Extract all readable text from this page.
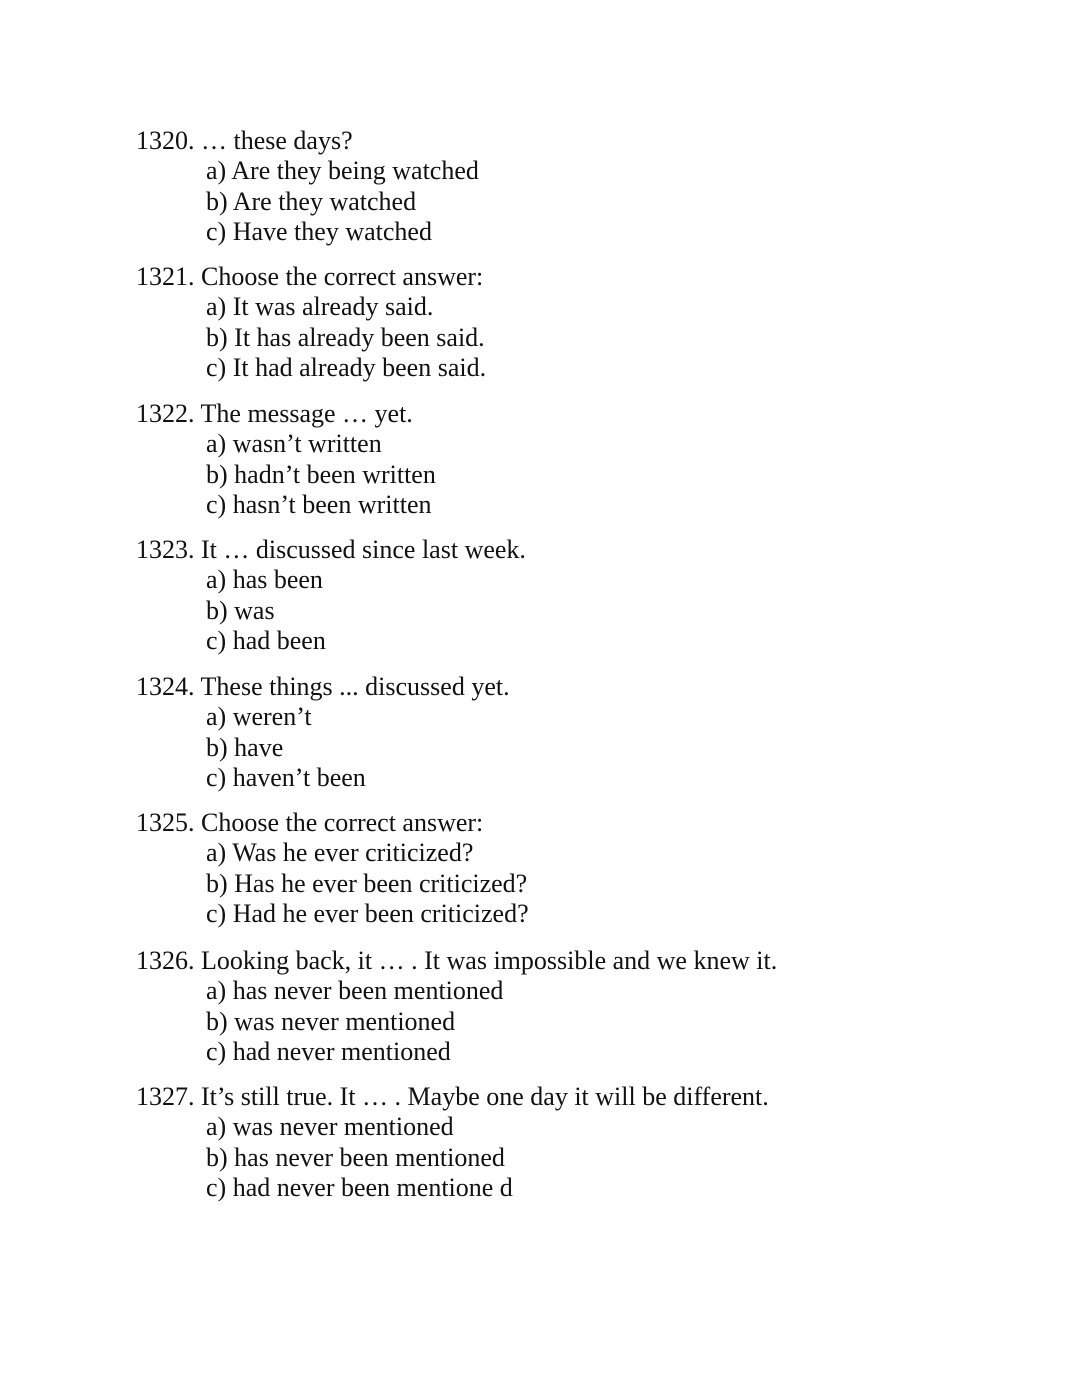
1320. … these days?
a) Are they being watched
b) Are they watched
c) Have they watched
1321. Choose the correct answer:
a) It was already said.
b) It has already been said.
c) It had already been said.
1322. The message … yet.
a) wasn’t written
b) hadn’t been written
c) hasn’t been written
1323. It … discussed since last week.
a) has been
b) was
c) had been
1324. These things ... discussed yet.
a) weren’t
b) have
c) haven’t been
1325. Choose the correct answer:
a) Was he ever criticized?
b) Has he ever been criticized?
c) Had he ever been criticized?
1326. Looking back, it … . It was impossible and we knew it.
a) has never been mentioned
b) was never mentioned
c) had never mentioned
1327. It’s still true. It … . Maybe one day it will be different.
a) was never mentioned
b) has never been mentioned
c) had never been mentione d
